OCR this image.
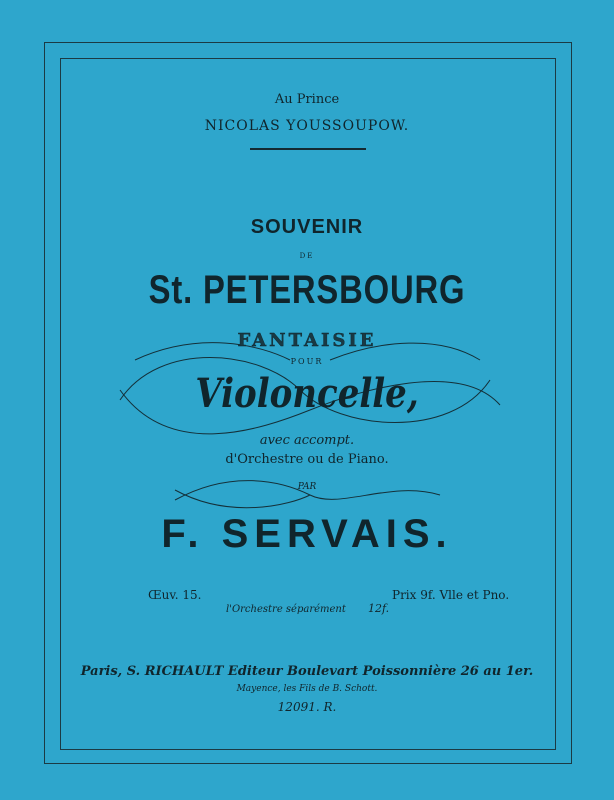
Au Prince
NICOLAS YOUSSOUPOW.
SOUVENIR
DE
St. PETERSBOURG
FANTAISIE
POUR
Violoncelle,
avec accompt.
d'Orchestre ou de Piano.
PAR
F. SERVAIS.
Œuv. 15.	Prix 9f. Vlle et Pno.
l'Orchestre séparément 12f.
Paris, S. RICHAULT Editeur Boulevart Poissonnière 26 au 1er.
Mayence, les Fils de B. Schott.
12091. R.
